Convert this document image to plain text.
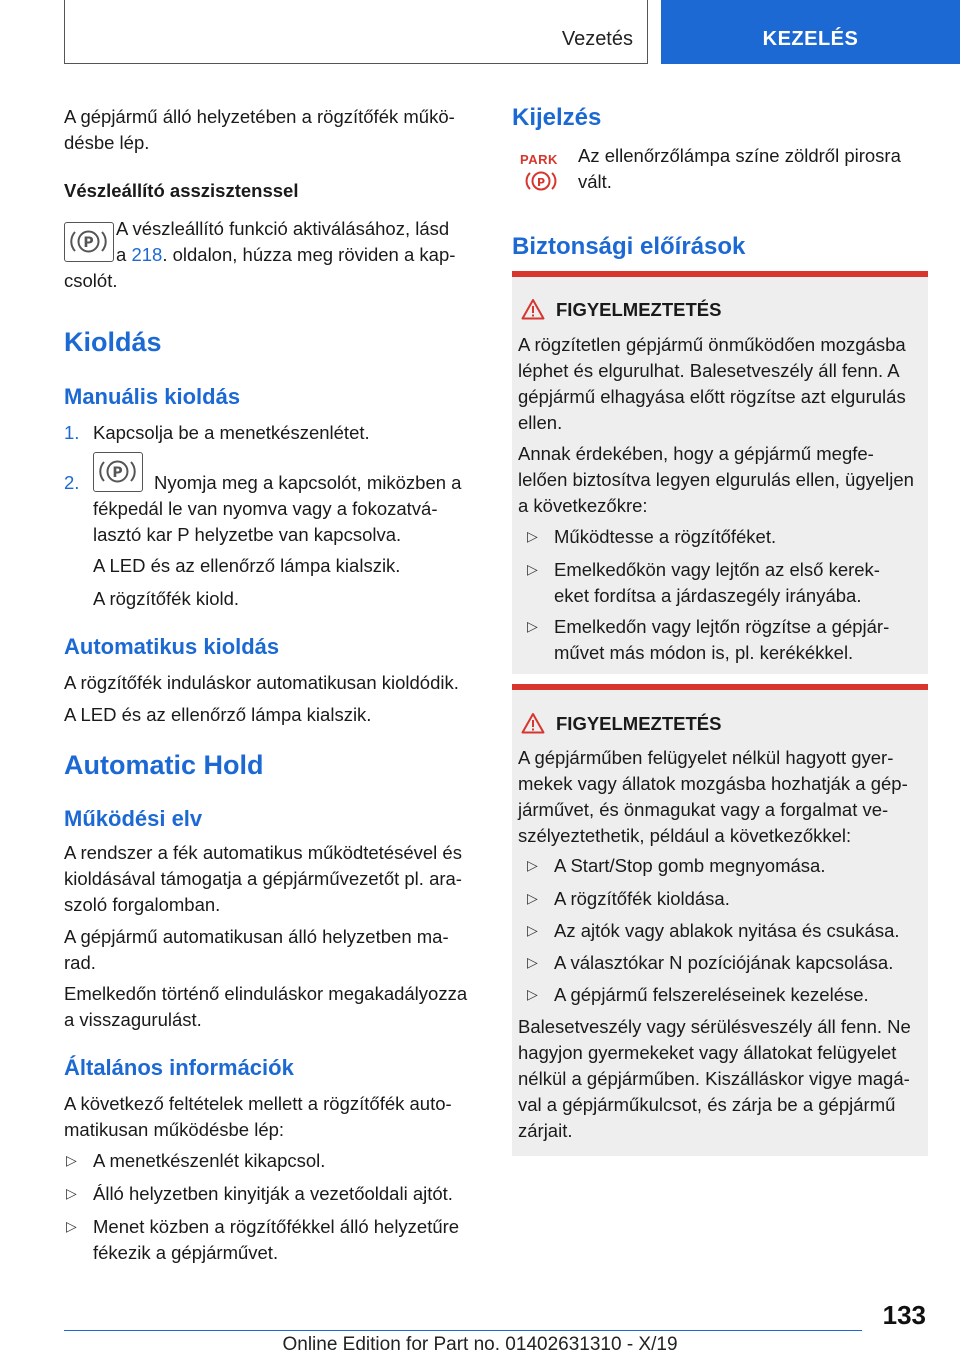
Vezetés	KEZELÉS

A gépjármű álló helyzetében a rögzítőfék műkö-

désbe lép.

Vészleállító asszisztenssel

P

A vészleállító funkció aktiválásához, lásd

a 218. oldalon, húzza meg röviden a kap-

csolót.

Kioldás

Manuális kioldás

1. Kapcsolja be a menetkészenlétet.

2. P Nyomja meg a kapcsolót, miközben a

fékpedál le van nyomva vagy a fokozatvá-

lasztó kar P helyzetbe van kapcsolva.

A LED és az ellenőrző lámpa kialszik.

A rögzítőfék kiold.

Automatikus kioldás

A rögzítőfék induláskor automatikusan kioldódik.

A LED és az ellenőrző lámpa kialszik.

Automatic Hold

Működési elv

A rendszer a fék automatikus működtetésével és

kioldásával támogatja a gépjárművezetőt pl. ara-

szoló forgalomban.

A gépjármű automatikusan álló helyzetben ma-

rad.

Emelkedőn történő elinduláskor megakadályozza

a visszagurulást.

Általános információk

A következő feltételek mellett a rögzítőfék auto-

matikusan működésbe lép:

▷ A menetkészenlét kikapcsol.

▷ Álló helyzetben kinyitják a vezetőoldali ajtót.

▷ Menet közben a rögzítőfékkel álló helyzetűre

fékezik a gépjárművet.

Kijelzés

PARK
P

Az ellenőrzőlámpa színe zöldről pirosra

vált.

Biztonsági előírások

FIGYELMEZTETÉS

A rögzítetlen gépjármű önműködően mozgásba

léphet és elgurulhat. Balesetveszély áll fenn. A

gépjármű elhagyása előtt rögzítse azt elgurulás

ellen.

Annak érdekében, hogy a gépjármű megfe-

lelően biztosítva legyen elgurulás ellen, ügyeljen

a következőkre:

▷ Működtesse a rögzítőféket.

▷ Emelkedőkön vagy lejtőn az első kerek-

eket fordítsa a járdaszegély irányába.

▷ Emelkedőn vagy lejtőn rögzítse a gépjár-

művet más módon is, pl. kerékékkel.

FIGYELMEZTETÉS

A gépjárműben felügyelet nélkül hagyott gyer-

mekek vagy állatok mozgásba hozhatják a gép-

járművet, és önmagukat vagy a forgalmat ve-

szélyeztethetik, például a következőkkel:

▷ A Start/Stop gomb megnyomása.

▷ A rögzítőfék kioldása.

▷ Az ajtók vagy ablakok nyitása és csukása.

▷ A választókar N pozíciójának kapcsolása.

▷ A gépjármű felszereléseinek kezelése.

Balesetveszély vagy sérülésveszély áll fenn. Ne

hagyjon gyermekeket vagy állatokat felügyelet

nélkül a gépjárműben. Kiszálláskor vigye magá-

val a gépjárműkulcsot, és zárja be a gépjármű

zárjait.

133

Online Edition for Part no. 01402631310 - X/19
